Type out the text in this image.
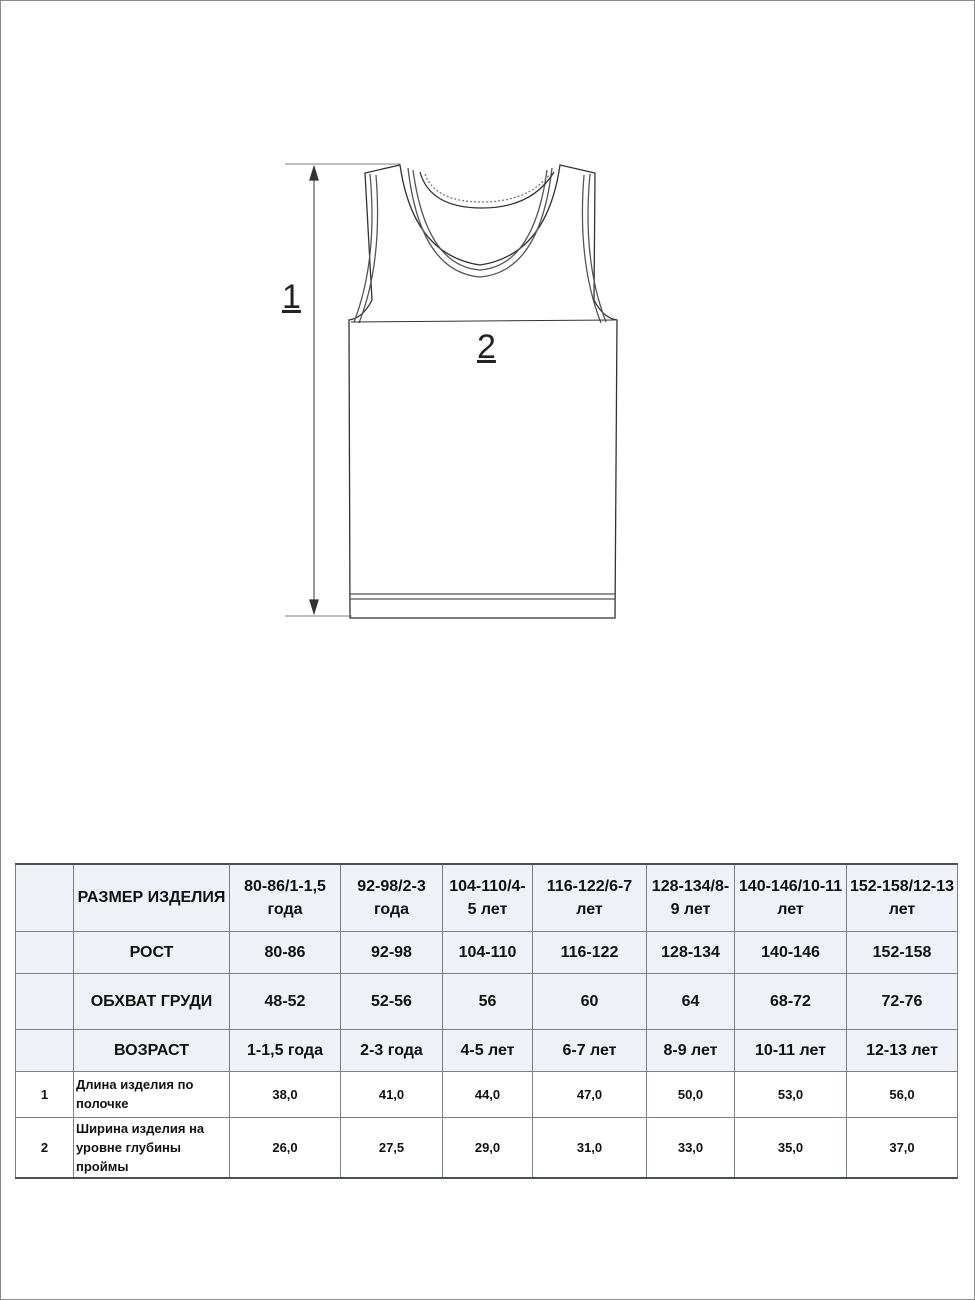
1
2
	РАЗМЕР ИЗДЕЛИЯ	80-86/1-1,5 года	92-98/2-3 года	104-110/4-5 лет	116-122/6-7 лет	128-134/8-9 лет	140-146/10-11 лет	152-158/12-13 лет
	РОСТ	80-86	92-98	104-110	116-122	128-134	140-146	152-158
	ОБХВАТ ГРУДИ	48-52	52-56	56	60	64	68-72	72-76
	ВОЗРАСТ	1-1,5 года	2-3 года	4-5 лет	6-7 лет	8-9 лет	10-11 лет	12-13 лет
1	Длина изделия по полочке	38,0	41,0	44,0	47,0	50,0	53,0	56,0
2	Ширина изделия на уровне глубины проймы	26,0	27,5	29,0	31,0	33,0	35,0	37,0
